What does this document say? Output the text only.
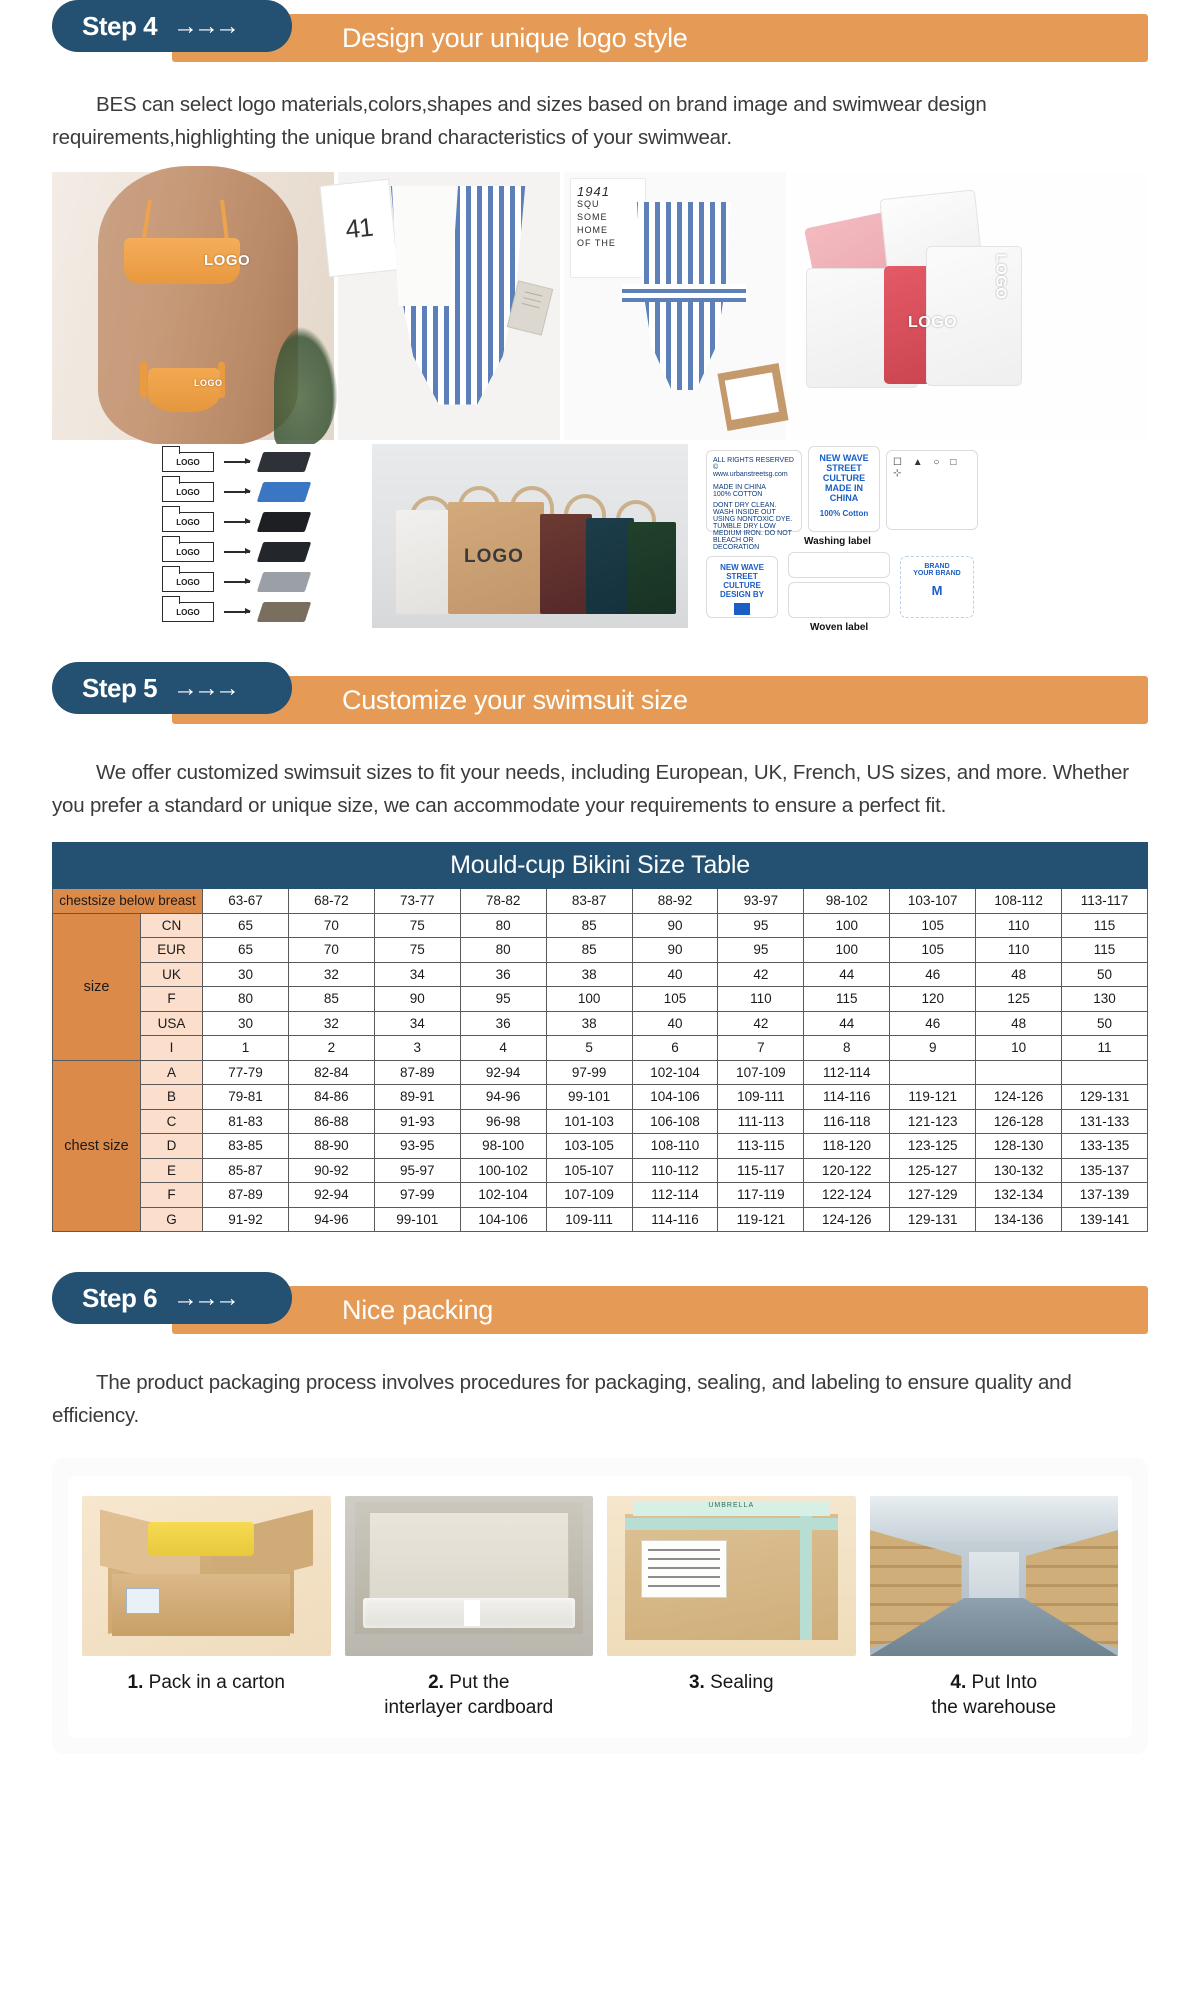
Step 4 →→→	Design your unique logo style
BES can select logo materials,colors,shapes and sizes based on brand image and swimwear design requirements,highlighting the unique brand characteristics of your swimwear.
LOGO
LOGO
41
1941
SQU
SOME
HOME
OF THE
LOGO
LOGO
LOGO
LOGO
LOGO
LOGO
LOGO
LOGO
LOGO
ALL RIGHTS RESERVED ©
www.urbanstreetsg.com
MADE IN CHINA
100% COTTON
DONT DRY CLEAN. WASH INSIDE OUT
USING NONTOXIC DYE. TUMBLE DRY LOW
MEDIUM IRON. DO NOT BLEACH OR DECORATION
NEW WAVE
STREET
CULTURE
MADE IN
CHINA
100% Cotton
☐ ▲ ○ □ ⊹
Washing label
NEW WAVE
STREET
CULTURE
DESIGN BY
BRAND
YOUR BRAND
M
Woven label
Step 5 →→→	Customize your swimsuit size
We offer customized swimsuit sizes to fit your needs, including European, UK, French, US sizes, and more. Whether you prefer a standard or unique size, we can accommodate your requirements to ensure a perfect fit.
Mould-cup Bikini Size Table												
chestsize below breast		63-67	68-72	73-77	78-82	83-87	88-92	93-97	98-102	103-107	108-112	113-117
size	CN	65	70	75	80	85	90	95	100	105	110	115
	EUR	65	70	75	80	85	90	95	100	105	110	115
	UK	30	32	34	36	38	40	42	44	46	48	50
	F	80	85	90	95	100	105	110	115	120	125	130
	USA	30	32	34	36	38	40	42	44	46	48	50
	I	1	2	3	4	5	6	7	8	9	10	11
chest size	A	77-79	82-84	87-89	92-94	97-99	102-104	107-109	112-114			
	B	79-81	84-86	89-91	94-96	99-101	104-106	109-111	114-116	119-121	124-126	129-131
	C	81-83	86-88	91-93	96-98	101-103	106-108	111-113	116-118	121-123	126-128	131-133
	D	83-85	88-90	93-95	98-100	103-105	108-110	113-115	118-120	123-125	128-130	133-135
	E	85-87	90-92	95-97	100-102	105-107	110-112	115-117	120-122	125-127	130-132	135-137
	F	87-89	92-94	97-99	102-104	107-109	112-114	117-119	122-124	127-129	132-134	137-139
	G	91-92	94-96	99-101	104-106	109-111	114-116	119-121	124-126	129-131	134-136	139-141
Step 6 →→→	Nice packing
The product packaging process involves procedures for packaging, sealing, and labeling to ensure quality and efficiency.
1. Pack in a carton	2. Put the
interlayer cardboard
UMBRELLA
3. Sealing	4. Put Into
the warehouse
